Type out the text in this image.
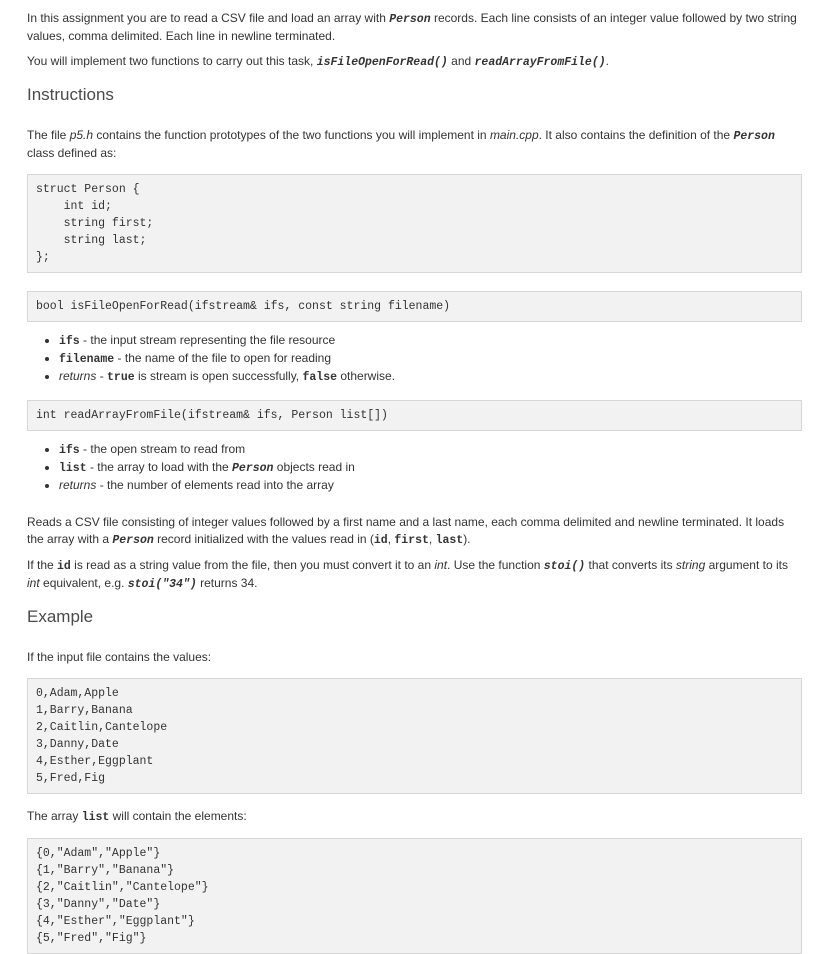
In this assignment you are to read a CSV file and load an array with Person records. Each line consists of an integer value followed by two string values, comma delimited. Each line in newline terminated.

You will implement two functions to carry out this task, isFileOpenForRead() and readArrayFromFile().

Instructions

The file p5.h contains the function prototypes of the two functions you will implement in main.cpp. It also contains the definition of the Person class defined as:

struct Person {
int id;
string first;
string last;
};
bool isFileOpenForRead(ifstream& ifs, const string filename)
• ifs - the input stream representing the file resource
• filename - the name of the file to open for reading
• returns - true is stream is open successfully, false otherwise.
int readArrayFromFile(ifstream& ifs, Person list[])
• ifs - the open stream to read from
• list - the array to load with the Person objects read in
• returns - the number of elements read into the array

Reads a CSV file consisting of integer values followed by a first name and a last name, each comma delimited and newline terminated. It loads the array with a Person record initialized with the values read in (id, first, last).

If the id is read as a string value from the file, then you must convert it to an int. Use the function stoi() that converts its string argument to its int equivalent, e.g. stoi("34") returns 34.

Example

If the input file contains the values:

0,Adam,Apple
1,Barry,Banana
2,Caitlin,Cantelope
3,Danny,Date
4,Esther,Eggplant
5,Fred,Fig

The array list will contain the elements:

{0,"Adam","Apple"}
{1,"Barry","Banana"}
{2,"Caitlin","Cantelope"}
{3,"Danny","Date"}
{4,"Esther","Eggplant"}
{5,"Fred","Fig"}
